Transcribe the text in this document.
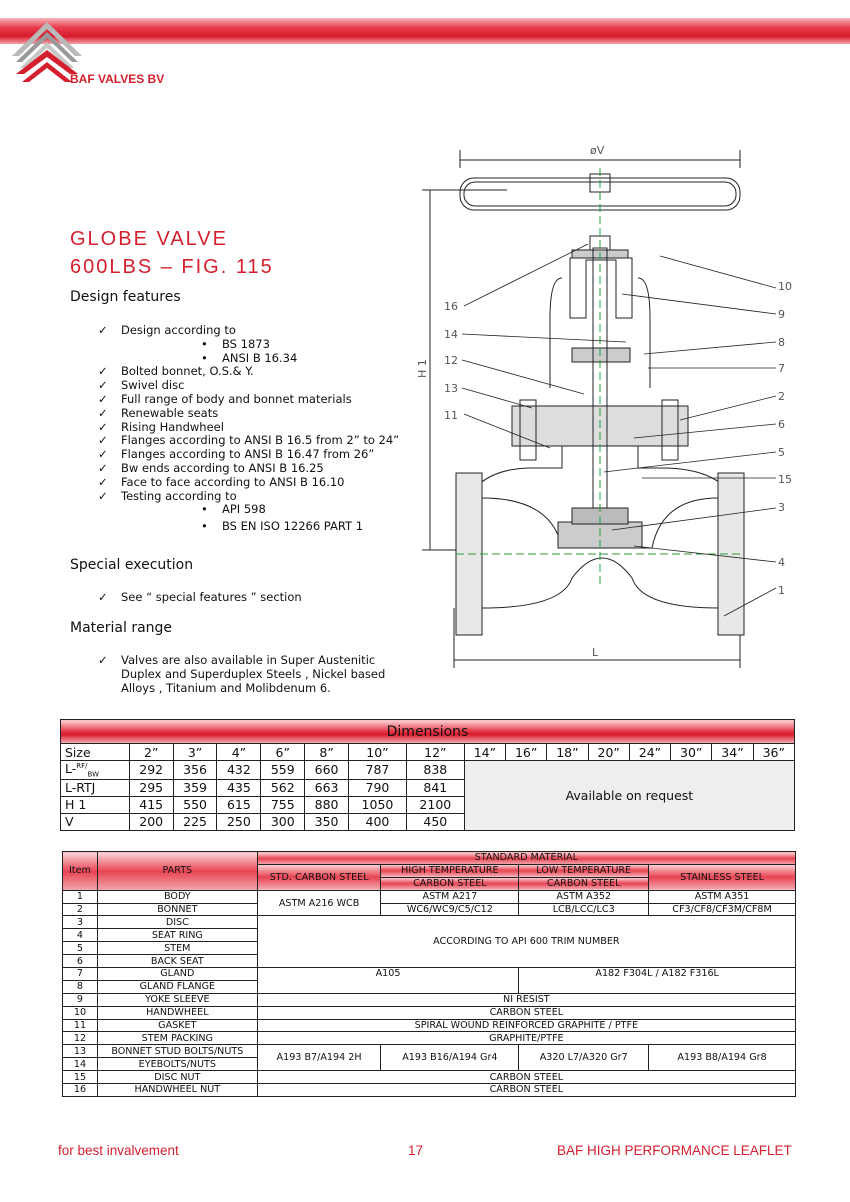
BAF VALVES BV
GLOBE VALVE
600LBS – FIG. 115
Design features
✓ Design according to
• BS 1873
• ANSI B 16.34
✓ Bolted bonnet, O.S.& Y.
✓ Swivel disc
✓ Full range of body and bonnet materials
✓ Renewable seats
✓ Rising Handwheel
✓ Flanges according to ANSI B 16.5 from 2” to 24”
✓ Flanges according to ANSI B 16.47 from 26”
✓ Bw ends according to ANSI B 16.25
✓ Face to face according to ANSI B 16.10
✓ Testing according to
• API 598
• BS EN ISO 12266 PART 1
Special execution
✓ See “ special features ” section
Material range
✓ Valves are also available in Super Austenitic
Duplex and Superduplex Steels , Nickel based
Alloys , Titanium and Molibdenum 6.
øV
H 1
L
16
14
12
13
11
10
9
8
7
2
6
5
15
3
4
1
Dimensions															
Size	2”	3”	4”	6”	8”	10”	12”	14”	16”	18”	20”	24”	30”	34”	36”
L-$^{RF/}_{BW}$	292	356	432	559	660	787	838	Available on request							
L-RTJ	295	359	435	562	663	790	841								
H 1	415	550	615	755	880	1050	2100								
V	200	225	250	300	350	400	450								
Item	PARTS	STANDARD MATERIAL			
		STD. CARBON STEEL	HIGH TEMPERATURE	LOW TEMPERATURE	STAINLESS STEEL
			CARBON STEEL	CARBON STEEL	
1	BODY	ASTM A216 WCB	ASTM A217	ASTM A352	ASTM A351
2	BONNET		WC6/WC9/C5/C12	LCB/LCC/LC3	CF3/CF8/CF3M/CF8M
3	DISC	ACCORDING TO API 600 TRIM NUMBER			
4	SEAT RING				
5	STEM				
6	BACK SEAT				
7	GLAND	A105		A182 F304L / A182 F316L	
8	GLAND FLANGE				
9	YOKE SLEEVE	NI RESIST			
10	HANDWHEEL	CARBON STEEL			
11	GASKET	SPIRAL WOUND REINFORCED GRAPHITE / PTFE			
12	STEM PACKING	GRAPHITE/PTFE			
13	BONNET STUD BOLTS/NUTS	A193 B7/A194 2H	A193 B16/A194 Gr4	A320 L7/A320 Gr7	A193 B8/A194 Gr8
14	EYEBOLTS/NUTS				
15	DISC NUT	CARBON STEEL			
16	HANDWHEEL NUT	CARBON STEEL			
for best invalvement	17	BAF HIGH PERFORMANCE LEAFLET
